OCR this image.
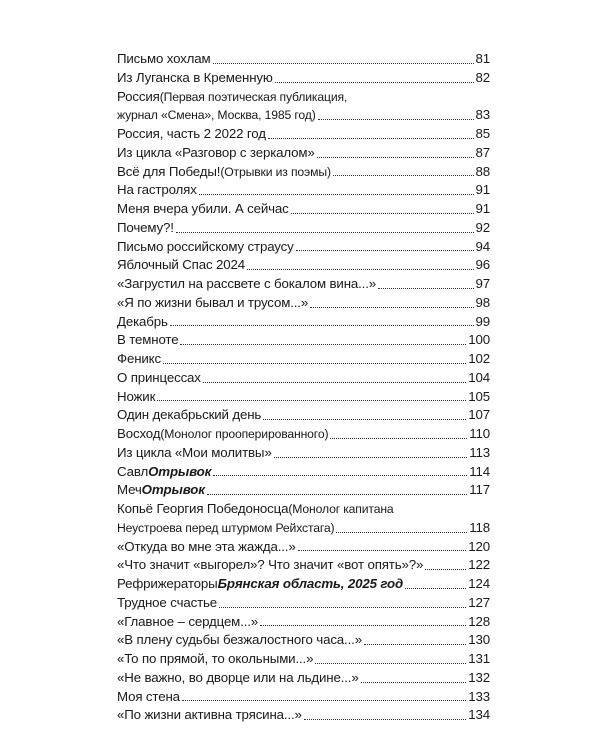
Письмо хохлам	81
Из Луганска в Кременную	82
Россия (Первая поэтическая публикация,
журнал «Смена», Москва, 1985 год)	83
Россия, часть 2 2022 год	85
Из цикла «Разговор с зеркалом»	87
Всё для Победы! (Отрывки из поэмы)	88
На гастролях	91
Меня вчера убили. А сейчас	91
Почему?!	92
Письмо российскому страусу	94
Яблочный Спас 2024	96
«Загрустил на рассвете с бокалом вина...»	97
«Я по жизни бывал и трусом...»	98
Декабрь	99
В темноте	100
Феникс	102
О принцессах	104
Ножик	105
Один декабрьский день	107
Восход (Монолог прооперированного)	110
Из цикла «Мои молитвы»	113
Савл Отрывок	114
Меч Отрывок	117
Копьё Георгия Победоносца (Монолог капитана
Неустроева перед штурмом Рейхстага)	118
«Откуда во мне эта жажда...»	120
«Что значит «выгорел»? Что значит «вот опять»?»	122
Рефрижераторы Брянская область, 2025 год	124
Трудное счастье	127
«Главное – сердцем...»	128
«В плену судьбы безжалостного часа...»	130
«То по прямой, то окольными...»	131
«Не важно, во дворце или на льдине...»	132
Моя стена	133
«По жизни активна трясина...»	134
